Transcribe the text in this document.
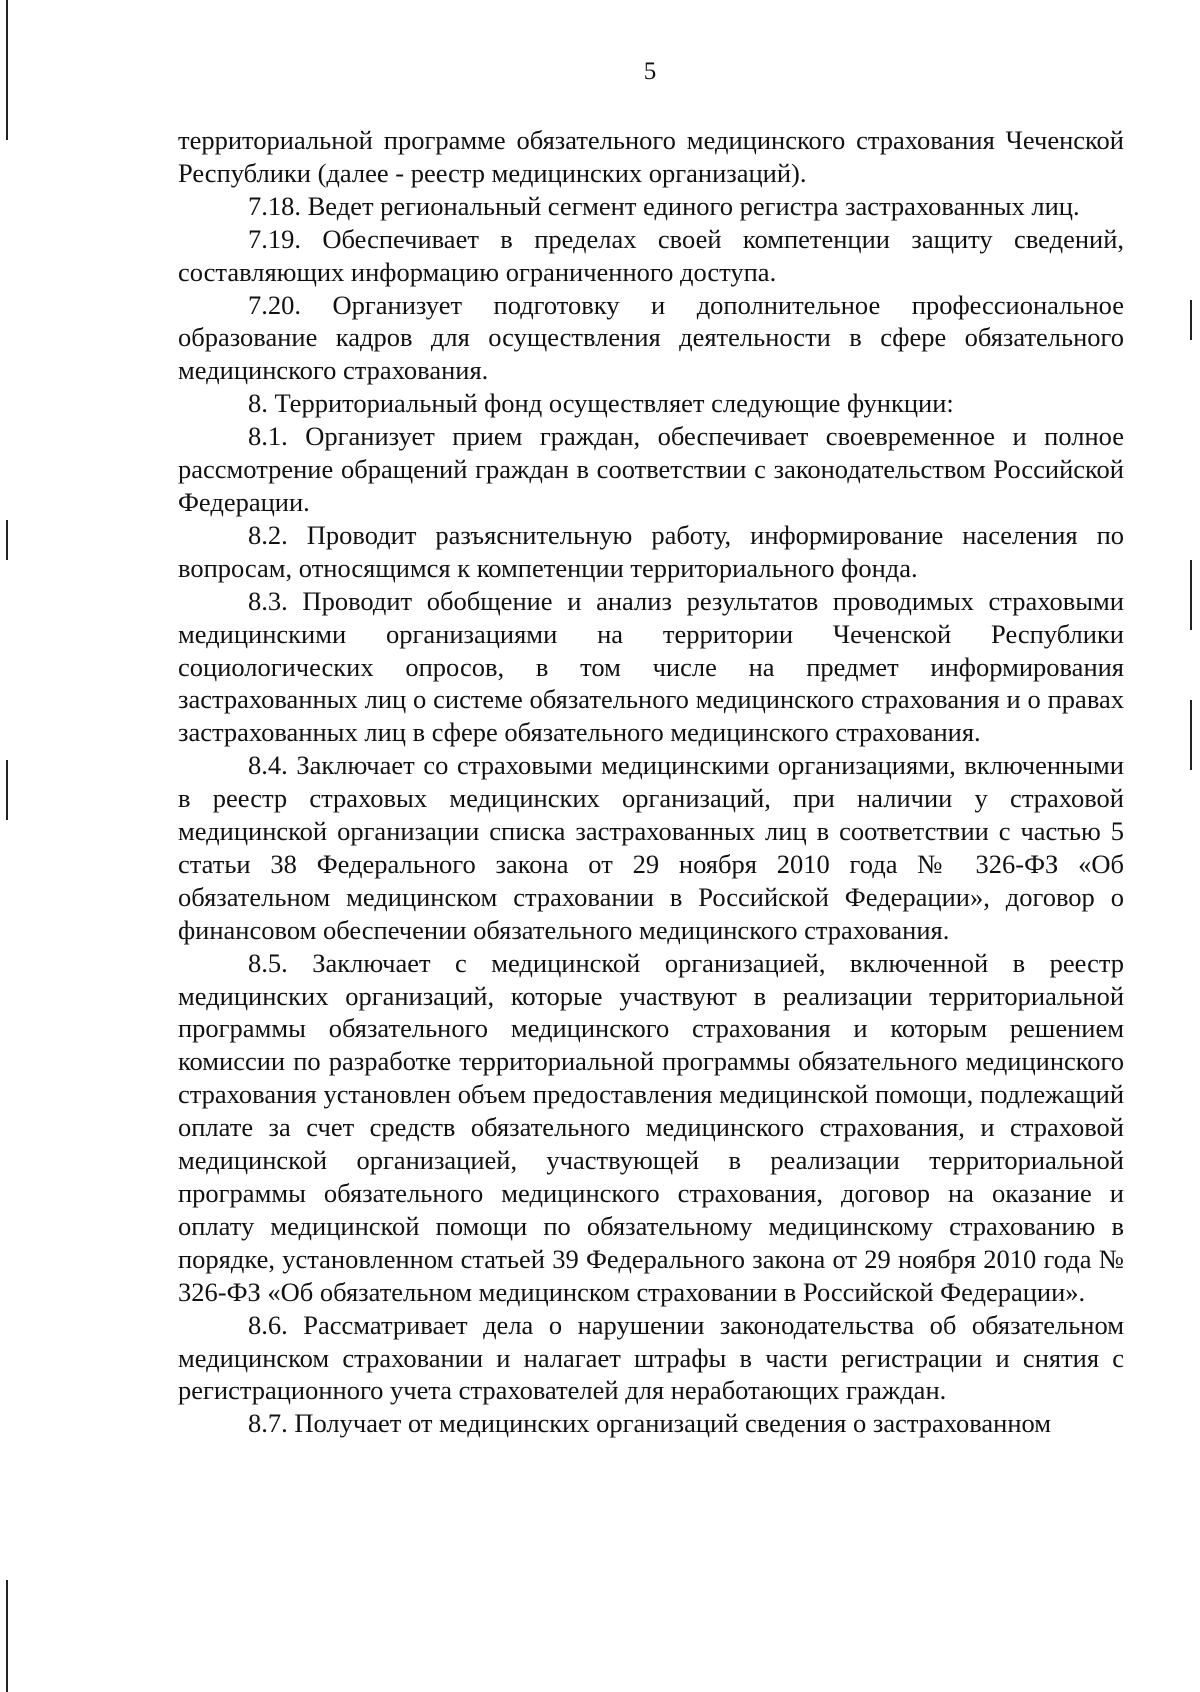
5

территориальной программе обязательного медицинского страхования Чеченской Республики (далее - реестр медицинских организаций).

7.18. Ведет региональный сегмент единого регистра застрахованных лиц.

7.19. Обеспечивает в пределах своей компетенции защиту сведений, составляющих информацию ограниченного доступа.

7.20. Организует подготовку и дополнительное профессиональное образование кадров для осуществления деятельности в сфере обязательного медицинского страхования.

8. Территориальный фонд осуществляет следующие функции:

8.1. Организует прием граждан, обеспечивает своевременное и полное рассмотрение обращений граждан в соответствии с законодательством Российской Федерации.

8.2. Проводит разъяснительную работу, информирование населения по вопросам, относящимся к компетенции территориального фонда.

8.3. Проводит обобщение и анализ результатов проводимых страховыми медицинскими организациями на территории Чеченской Республики социологических опросов, в том числе на предмет информирования застрахованных лиц о системе обязательного медицинского страхования и о правах застрахованных лиц в сфере обязательного медицинского страхования.

8.4. Заключает со страховыми медицинскими организациями, включенными в реестр страховых медицинских организаций, при наличии у страховой медицинской организации списка застрахованных лиц в соответствии с частью 5 статьи 38 Федерального закона от 29 ноября 2010 года № 326-ФЗ «Об обязательном медицинском страховании в Российской Федерации», договор о финансовом обеспечении обязательного медицинского страхования.

8.5. Заключает с медицинской организацией, включенной в реестр медицинских организаций, которые участвуют в реализации территориальной программы обязательного медицинского страхования и которым решением комиссии по разработке территориальной программы обязательного медицинского страхования установлен объем предоставления медицинской помощи, подлежащий оплате за счет средств обязательного медицинского страхования, и страховой медицинской организацией, участвующей в реализации территориальной программы обязательного медицинского страхования, договор на оказание и оплату медицинской помощи по обязательному медицинскому страхованию в порядке, установленном статьей 39 Федерального закона от 29 ноября 2010 года № 326-ФЗ «Об обязательном медицинском страховании в Российской Федерации».

8.6. Рассматривает дела о нарушении законодательства об обязательном медицинском страховании и налагает штрафы в части регистрации и снятия с регистрационного учета страхователей для неработающих граждан.

8.7. Получает от медицинских организаций сведения о застрахованном
